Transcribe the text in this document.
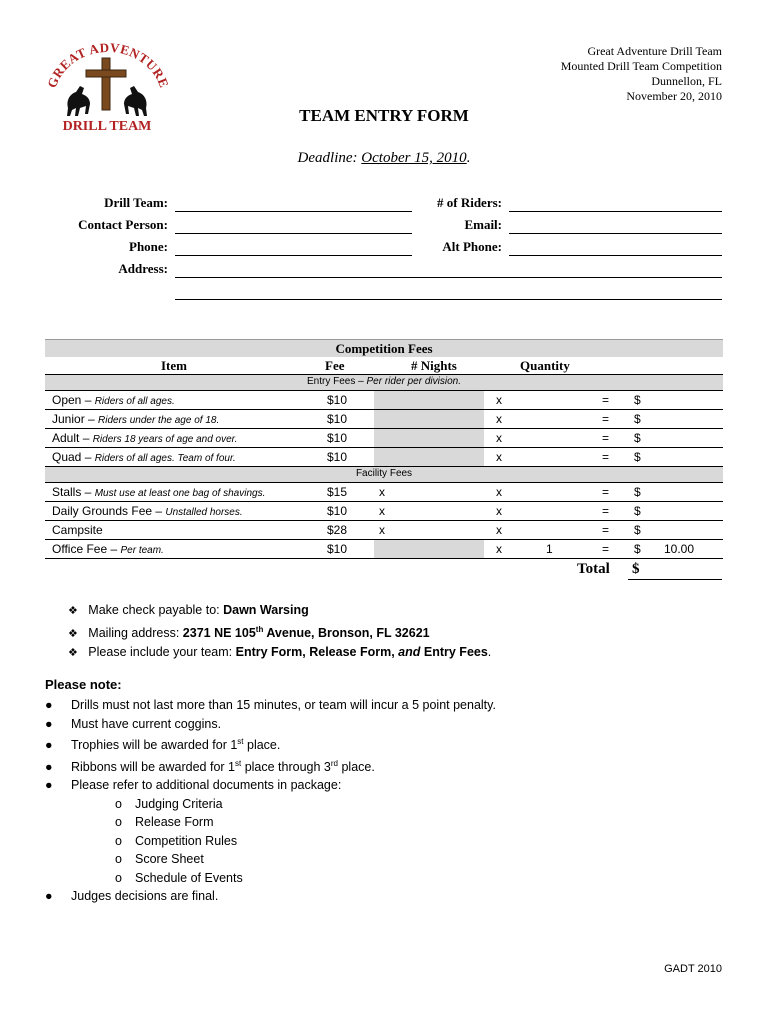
GREAT ADVENTUR
DRILL TEAM
Great Adventure Drill Team
Mounted Drill Team Competition
Dunnellon, FL
November 20, 2010
TEAM ENTRY FORM
Deadline: October 15, 2010.
Drill Team:
Contact Person:
Phone:
Address:
# of Riders:
Email:
Alt Phone:
Competition Fees
Item	Fee	# Nights	Quantity
Entry Fees – Per rider per division.
Open – Riders of all ages.	$10	x	= $
Junior – Riders under the age of 18.	$10	x	= $
Adult – Riders 18 years of age and over.	$10	x	= $
Quad – Riders of all ages. Team of four.	$10	x	= $
Facility Fees
Stalls – Must use at least one bag of shavings.	$15	x	x	= $
Daily Grounds Fee – Unstalled horses.	$10	x	x	= $
Campsite	$28	x	x	= $
Office Fee – Per team.	$10	x	1	= $ 10.00
Total $
❖ Make check payable to: Dawn Warsing
❖ Mailing address: 2371 NE 105th Avenue, Bronson, FL 32621
❖ Please include your team: Entry Form, Release Form, and Entry Fees.
Please note:
● Drills must not last more than 15 minutes, or team will incur a 5 point penalty.
● Must have current coggins.
● Trophies will be awarded for 1st place.
● Ribbons will be awarded for 1st place through 3rd place.
● Please refer to additional documents in package:
o Judging Criteria
o Release Form
o Competition Rules
o Score Sheet
o Schedule of Events
● Judges decisions are final.
GADT 2010
